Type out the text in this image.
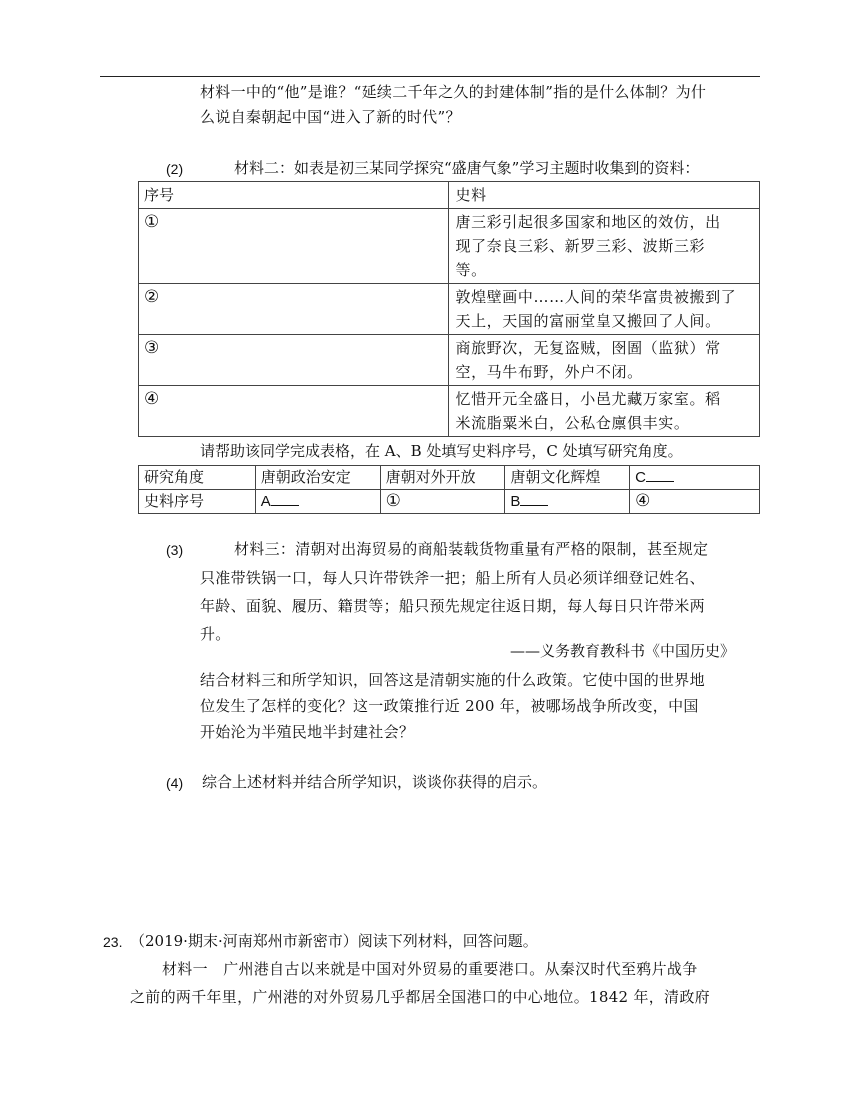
材料一中的“他”是谁？“延续二千年之久的封建体制”指的是什么体制？为什
么说自秦朝起中国“进入了新的时代”？
(2)	材料二：如表是初三某同学探究“盛唐气象”学习主题时收集到的资料：
序号	史料
①	唐三彩引起很多国家和地区的效仿，出
现了奈良三彩、新罗三彩、波斯三彩
等。

②	敦煌壁画中……人间的荣华富贵被搬到了
天上，天国的富丽堂皇又搬回了人间。

③	商旅野次，无复盗贼，囹圄（监狱）常
空，马牛布野，外户不闭。

④	忆惜开元全盛日，小邑尤藏万家室。稻
米流脂粟米白，公私仓廪俱丰实。
请帮助该同学完成表格，在 A、B 处填写史料序号，C 处填写研究角度。
研究角度	唐朝政治安定	唐朝对外开放	唐朝文化辉煌	C
史料序号	A	①	B	④
(3)	材料三：清朝对出海贸易的商船装载货物重量有严格的限制，甚至规定
只准带铁锅一口，每人只许带铁斧一把；船上所有人员必须详细登记姓名、
年龄、面貌、履历、籍贯等；船只预先规定往返日期，每人每日只许带米两
升。
——义务教育教科书《中国历史》
结合材料三和所学知识，回答这是清朝实施的什么政策。它使中国的世界地
位发生了怎样的变化？这一政策推行近 200 年，被哪场战争所改变，中国
开始沦为半殖民地半封建社会？
(4) 综合上述材料并结合所学知识，谈谈你获得的启示。
23. （2019·期末·河南郑州市新密市）阅读下列材料，回答问题。
材料一　广州港自古以来就是中国对外贸易的重要港口。从秦汉时代至鸦片战争
之前的两千年里，广州港的对外贸易几乎都居全国港口的中心地位。1842 年，清政府
